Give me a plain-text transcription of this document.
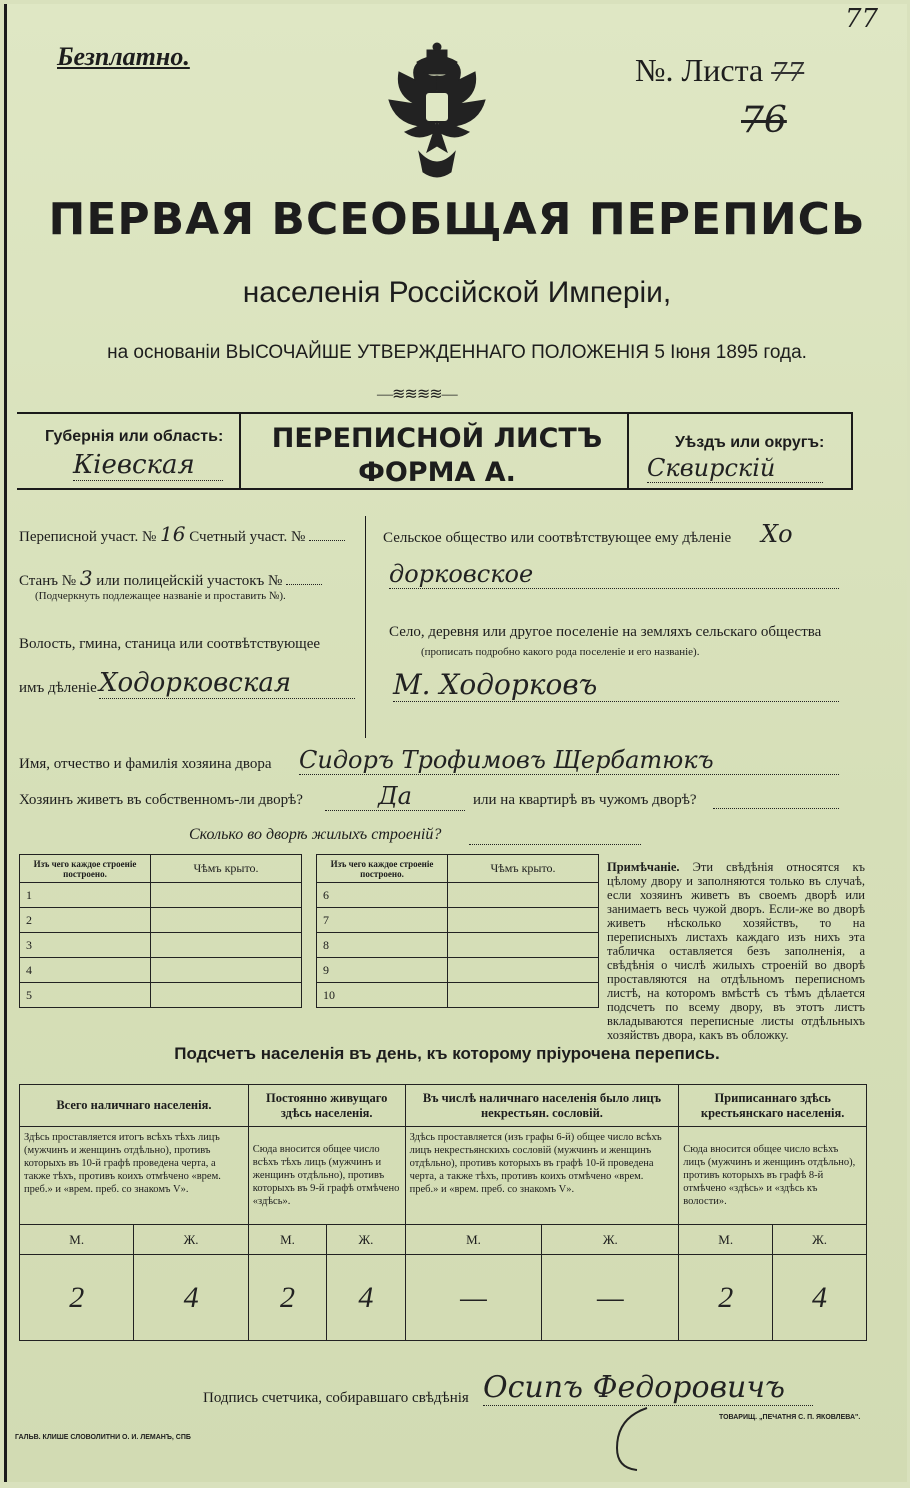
Безплатно.
77
№. Листа 77
76
ПЕРВАЯ ВСЕОБЩАЯ ПЕРЕПИСЬ
населенія Россійской Имперіи,
на основаніи ВЫСОЧАЙШЕ УТВЕРЖДЕННАГО ПОЛОЖЕНІЯ 5 Іюня 1895 года.
—≋≋≋≋—
Губернія или область:
Кіевская
ПЕРЕПИСНОЙ ЛИСТЪ
ФОРМА А.
Уѣздъ или округъ:
Сквирскій
Переписной участ. № 16 Счетный участ. №
Станъ № 3 или полицейскій участокъ №
(Подчеркнуть подлежащее названіе и проставить №).
Волость, гмина, станица или соотвѣтствующее
имъ дѣленіе Ходорковская
Сельское общество или соотвѣтствующее ему дѣленіе Хо
дорковское
Село, деревня или другое поселеніе на земляхъ сельскаго общества
(прописать подробно какого рода поселеніе и его названіе).
М. Ходорковъ
Имя, отчество и фамилія хозяина двора Сидоръ Трофимовъ Щербатюкъ
Хозяинъ живетъ въ собственномъ-ли дворѣ?	Да	или на квартирѣ въ чужомъ дворѣ?
Сколько во дворѣ жилыхъ строеній?
Изъ чего каждое строеніе построено.	Чѣмъ крыто.		Изъ чего каждое строеніе построено.	Чѣмъ крыто.
1			6	
2			7	
3			8	
4			9	
5			10	
Примѣчаніе. Эти свѣдѣнія относятся къ цѣлому двору и заполняются только въ случаѣ, если хозяинъ живетъ въ своемъ дворѣ или занимаетъ весь чужой дворъ. Если-же во дворѣ живетъ нѣсколько хозяйствъ, то на переписныхъ листахъ каждаго изъ нихъ эта табличка оставляется безъ заполненія, а свѣдѣнія о числѣ жилыхъ строеній во дворѣ проставляются на отдѣльномъ переписномъ листѣ, на которомъ вмѣстѣ съ тѣмъ дѣлается подсчетъ по всему двору, въ этотъ листъ вкладываются переписные листы отдѣльныхъ хозяйствъ двора, какъ въ обложку.
Подсчетъ населенія въ день, къ которому пріурочена перепись.
Всего наличнаго населенія.		Постоянно живущаго здѣсь населенія.		Въ числѣ наличнаго населенія было лицъ некрестьян. сословій.		Приписаннаго здѣсь крестьянскаго населенія.	
Здѣсь проставляется итогъ всѣхъ тѣхъ лицъ (мужчинъ и женщинъ отдѣльно), противъ которыхъ въ 10-й графѣ проведена черта, а также тѣхъ, противъ коихъ отмѣчено «врем. преб.» и «врем. преб. со знакомъ V».		Сюда вносится общее число всѣхъ тѣхъ лицъ (мужчинъ и женщинъ отдѣльно), противъ которыхъ въ 9-й графѣ отмѣчено «здѣсь».		Здѣсь проставляется (изъ графы 6-й) общее число всѣхъ лицъ некрестьянскихъ сословій (мужчинъ и женщинъ отдѣльно), противъ которыхъ въ графѣ 10-й проведена черта, а также тѣхъ, противъ коихъ отмѣчено «врем. преб.» и «врем. преб. со знакомъ V».		Сюда вносится общее число всѣхъ лицъ (мужчинъ и женщинъ отдѣльно), противъ которыхъ въ графѣ 8-й отмѣчено «здѣсь» и «здѣсь къ волости».	
М.	Ж.	М.	Ж.	М.	Ж.	М.	Ж.
2	4	2	4	—	—	2	4
Подпись счетчика, собиравшаго свѣдѣнія Осипъ Федоровичъ
ГАЛЬВ. КЛИШЕ СЛОВОЛИТНИ О. И. ЛЕМАНЪ, СПБ
ТОВАРИЩ. „ПЕЧАТНЯ С. П. ЯКОВЛЕВА".
